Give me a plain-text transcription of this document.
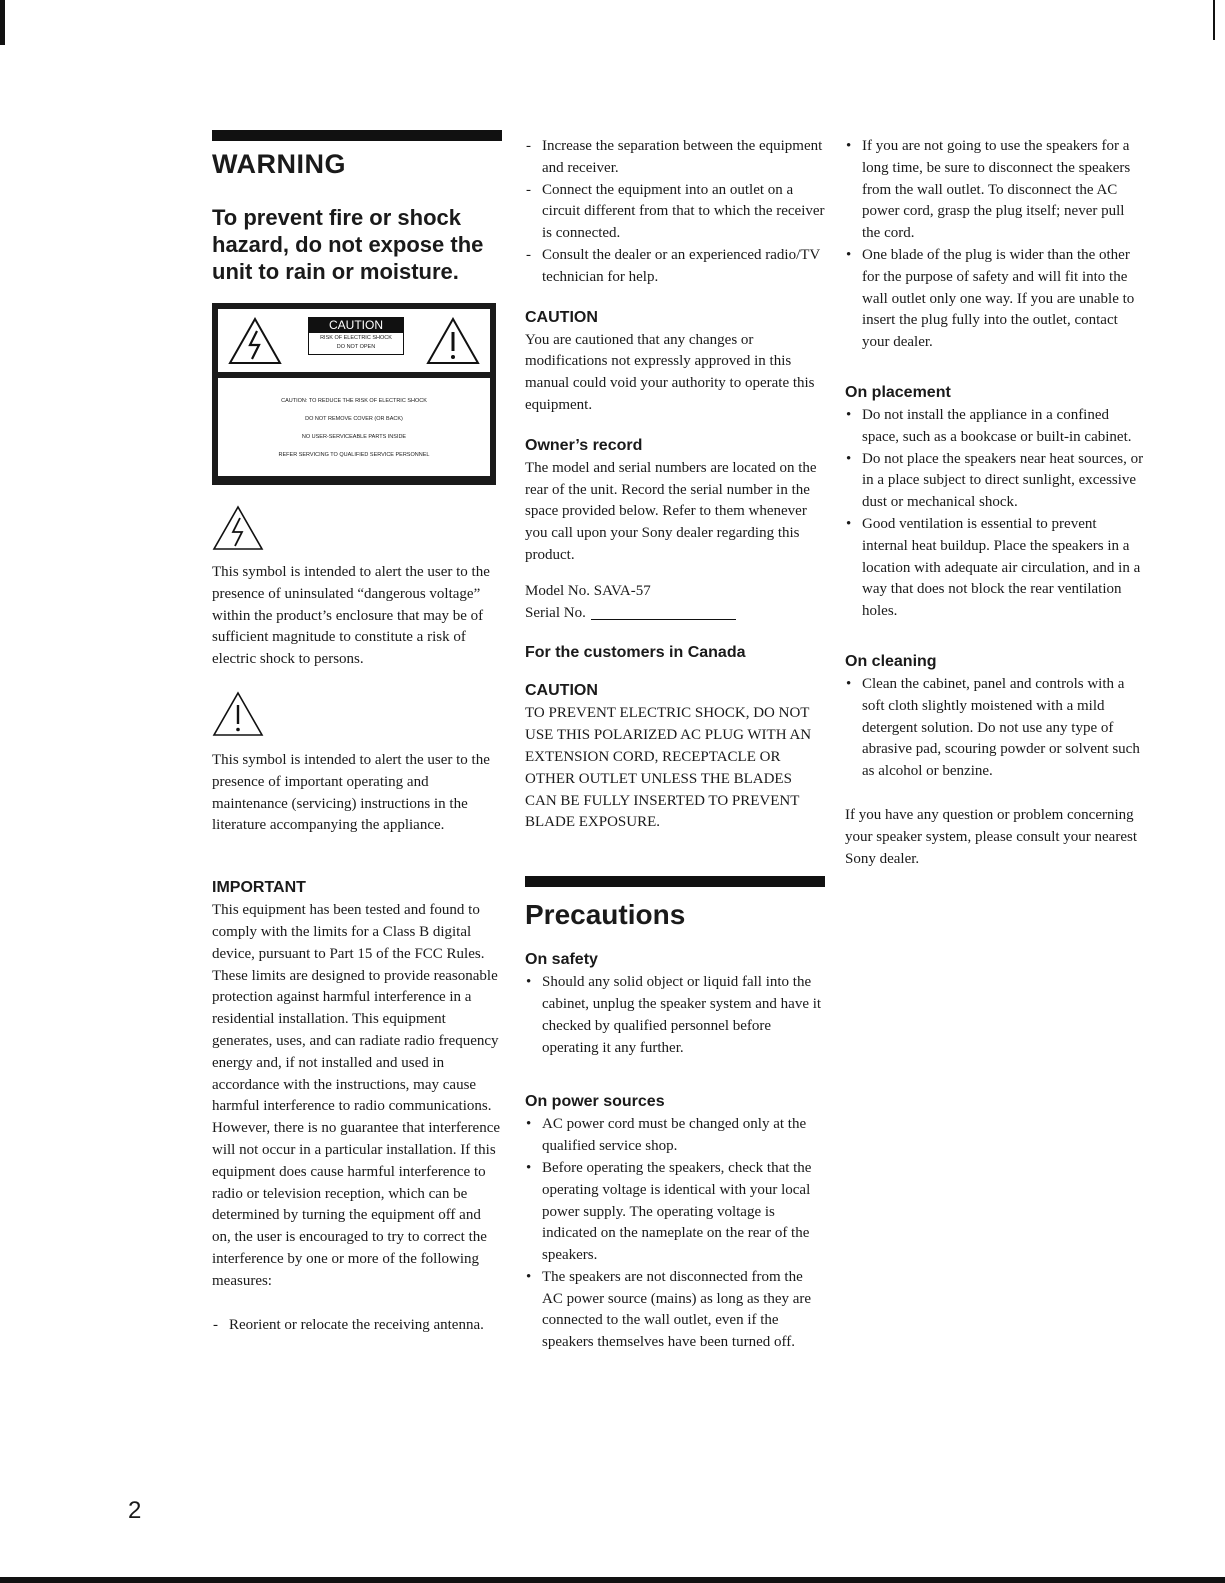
WARNING
To prevent fire or shock hazard, do not expose the unit to rain or moisture.
CAUTION
RISK OF ELECTRIC SHOCK
DO NOT OPEN
CAUTION: TO REDUCE THE RISK OF ELECTRIC SHOCK
DO NOT REMOVE COVER (OR BACK)
NO USER-SERVICEABLE PARTS INSIDE
REFER SERVICING TO QUALIFIED SERVICE PERSONNEL

This symbol is intended to alert the user to the presence of uninsulated “dangerous voltage” within the product’s enclosure that may be of sufficient magnitude to constitute a risk of electric shock to persons.

This symbol is intended to alert the user to the presence of important operating and maintenance (servicing) instructions in the literature accompanying the appliance.

IMPORTANT

This equipment has been tested and found to comply with the limits for a Class B digital device, pursuant to Part 15 of the FCC Rules.

These limits are designed to provide reasonable protection against harmful interference in a residential installation. This equipment generates, uses, and can radiate radio frequency energy and, if not installed and used in accordance with the instructions, may cause harmful interference to radio communications.

However, there is no guarantee that interference will not occur in a particular installation. If this equipment does cause harmful interference to radio or television reception, which can be determined by turning the equipment off and on, the user is encouraged to try to correct the interference by one or more of the following measures:

- Reorient or relocate the receiving antenna.
- Increase the separation between the equipment and receiver.
- Connect the equipment into an outlet on a circuit different from that to which the receiver is connected.
- Consult the dealer or an experienced radio/TV technician for help.
CAUTION

You are cautioned that any changes or modifications not expressly approved in this manual could void your authority to operate this equipment.

Owner’s record

The model and serial numbers are located on the rear of the unit. Record the serial number in the space provided below. Refer to them whenever you call upon your Sony dealer regarding this product.

Model No. SAVA-57

Serial No.

For the customers in Canada
CAUTION

TO PREVENT ELECTRIC SHOCK, DO NOT USE THIS POLARIZED AC PLUG WITH AN EXTENSION CORD, RECEPTACLE OR OTHER OUTLET UNLESS THE BLADES CAN BE FULLY INSERTED TO PREVENT BLADE EXPOSURE.

Precautions
On safety
• Should any solid object or liquid fall into the cabinet, unplug the speaker system and have it checked by qualified personnel before operating it any further.
On power sources
• AC power cord must be changed only at the qualified service shop.
• Before operating the speakers, check that the operating voltage is identical with your local power supply. The operating voltage is indicated on the nameplate on the rear of the speakers.
• The speakers are not disconnected from the AC power source (mains) as long as they are connected to the wall outlet, even if the speakers themselves have been turned off.
• If you are not going to use the speakers for a long time, be sure to disconnect the speakers from the wall outlet. To disconnect the AC power cord, grasp the plug itself; never pull the cord.
• One blade of the plug is wider than the other for the purpose of safety and will fit into the wall outlet only one way. If you are unable to insert the plug fully into the outlet, contact your dealer.
On placement
• Do not install the appliance in a confined space, such as a bookcase or built-in cabinet.
• Do not place the speakers near heat sources, or in a place subject to direct sunlight, excessive dust or mechanical shock.
• Good ventilation is essential to prevent internal heat buildup. Place the speakers in a location with adequate air circulation, and in a way that does not block the rear ventilation holes.
On cleaning
• Clean the cabinet, panel and controls with a soft cloth slightly moistened with a mild detergent solution. Do not use any type of abrasive pad, scouring powder or solvent such as alcohol or benzine.

If you have any question or problem concerning your speaker system, please consult your nearest Sony dealer.

2
